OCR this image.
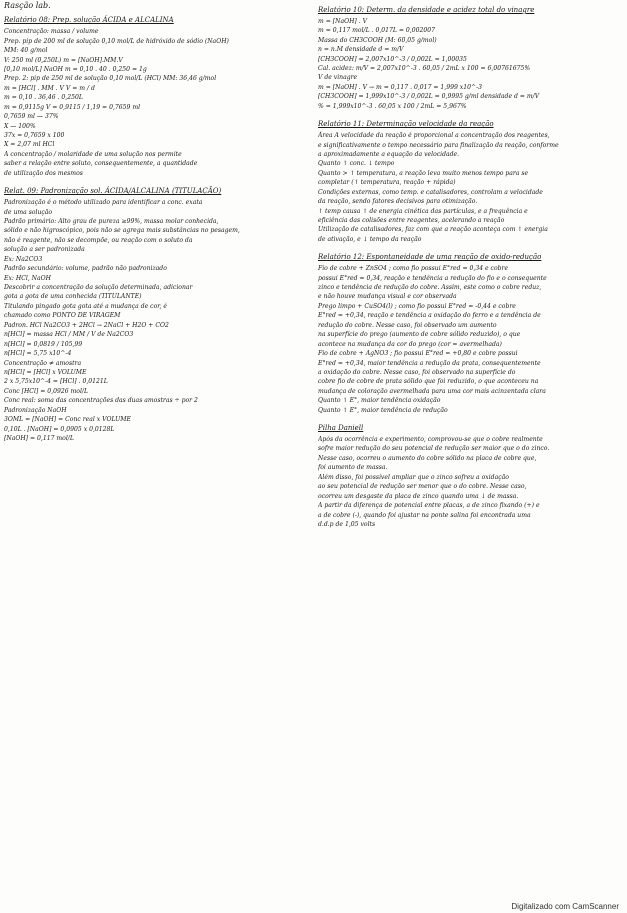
Rasção lab.
Relatório 08: Prep. solução ÁCIDA e ALCALINA
Concentração: massa / volume
Prep. pip de 200 ml de solução 0,10 mol/L de hidróxido de sódio (NaOH)
MM: 40 g/mol
V: 250 ml (0,250L) m = [NaOH].MM.V
[0,10 mol/L] NaOH m = 0,10 . 40 . 0,250 = 1g
Prep. 2: pip de 250 ml de solução 0,10 mol/L (HCl) MM: 36,46 g/mol
m = [HCl] . MM . V V = m / d
m = 0,10 . 36,46 . 0,250L
m = 0,9115g V = 0,9115 / 1,19 = 0,7659 ml
0,7659 ml — 37%
X — 100%
37x = 0,7659 x 100
X = 2,07 ml HCl
A concentração / molaridade de uma solução nos permite
saber a relação entre soluto, consequentemente, a quantidade
de utilização dos mesmos
Relat. 09: Padronização sol. ÁCIDA/ALCALINA (TITULAÇÃO)
Padronização é o método utilizado para identificar a conc. exata
de uma solução
Padrão primário: Alto grau de pureza ≥99%, massa molar conhecida,
sólido e não higroscópico, pois não se agrega mais substâncias no pesagem,
não é reagente, não se decompõe, ou reação com o soluto da
solução a ser padronizada
Ex: Na2CO3
Padrão secundário: volume, padrão não padronizado
Ex: HCl, NaOH
Descobrir a concentração da solução determinada, adicionar
gota a gota de uma conhecida (TITULANTE)
Titulando pingado gota gota até a mudança de cor, é
chamado como PONTO DE VIRAGEM
Padron. HCl Na2CO3 + 2HCl → 2NaCl + H2O + CO2
n[HCl] = massa HCl / MM / V de Na2CO3
n[HCl] = 0,0819 / 105,99
n[HCl] = 5,75 x10^-4
Concentração ≠ amostra
n[HCl] = [HCl] x VOLUME
2 x 5,75x10^-4 = [HCl] . 0,0121L
Conc [HCl] = 0,0926 mol/L
Conc real: soma das concentrações das duas amostras ÷ por 2
Padronização NaOH
3OML = [NaOH] = Conc real x VOLUME
0,10L . [NaOH] = 0,0905 x 0,0128L
[NaOH] = 0,117 mol/L
Relatório 10: Determ. da densidade e acidez total do vinagre
m = [NaOH] . V
m = 0,117 mol/L . 0,017L = 0,002007
Massa do CH3COOH (M: 60,05 g/mol)
n = n.M densidade d = m/V
[CH3COOH] = 2,007x10^-3 / 0,002L = 1,00035
Cal. acidez: m/V = 2,007x10^-3 . 60,05 / 2mL x 100 = 6,00761675%
V de vinagre
m = [NaOH] . V → m = 0,117 . 0,017 = 1,999 x10^-3
[CH3COOH] = 1,999x10^-3 / 0,002L = 0,9995 g/ml densidade d = m/V
% = 1,999x10^-3 . 60,05 x 100 / 2mL = 5,967%
Relatório 11: Determinação velocidade da reação
Área A velocidade da reação é proporcional a concentração dos reagentes,
e significativamente o tempo necessário para finalização da reação, conforme
a aproximadamente a equação da velocidade.
Quanto ↑ conc. ↓ tempo
Quanto > ↑ temperatura, a reação leva muito menos tempo para se
completar (↑ temperatura, reação + rápida)
Condições externas, como temp. e catalisadores, controlam a velocidade
da reação, sendo fatores decisivos para otimização.
↑ temp causa ↑ de energia cinética das partículas, e a frequência e
eficiência das colisões entre reagentes, acelerando a reação
Utilização de catalisadores, faz com que a reação aconteça com ↑ energia
de ativação, e ↓ tempo da reação
Relatório 12: Espontaneidade de uma reação de oxido-redução
Fio de cobre + ZnSO4 ; como fio possui E°red = 0,34 e cobre
possui E°red = 0,34, reação e tendência a redução do fio e o consequente
zinco e tendência de redução do cobre. Assim, este como o cobre reduz,
e não houve mudança visual e cor observada
Prego limpo + CuSO4(l) ; como fio possui E°red = -0,44 e cobre
E°red = +0,34, reação e tendência a oxidação do ferro e a tendência de
redução do cobre. Nesse caso, foi observado um aumento
na superfície do prego (aumento de cobre sólido reduzido), o que
acontece na mudança da cor do prego (cor = avermelhada)
Fio de cobre + AgNO3 ; fio possui E°red = +0,80 e cobre possui
E°red = +0,34, maior tendência a redução da prata, consequentemente
a oxidação do cobre. Nesse caso, foi observado na superfície do
cobre fio de cobre de prata sólido que foi reduzido, o que aconteceu na
mudança de coloração avermelhada para uma cor mais acinzentada clara
Quanto ↑ E°, maior tendência oxidação
Quanto ↑ E°, maior tendência de redução
Pilha Daniell
Após da ocorrência e experimento, comprovou-se que o cobre realmente
sofre maior redução do seu potencial de redução ser maior que o do zinco.
Nesse caso, ocorreu o aumento do cobre sólido na placa de cobre que,
foi aumento de massa.
Além disso, foi possível ampliar que o zinco sofreu a oxidação
ao seu potencial de redução ser menor que o do cobre. Nesse caso,
ocorreu um desgaste da placa de zinco quando uma ↓ de massa.
A partir da diferença de potencial entre placas, a de zinco fixando (+) e
a de cobre (-), quando foi ajustar na ponte salina foi encontrada uma
d.d.p de 1,05 volts
Digitalizado com CamScanner
